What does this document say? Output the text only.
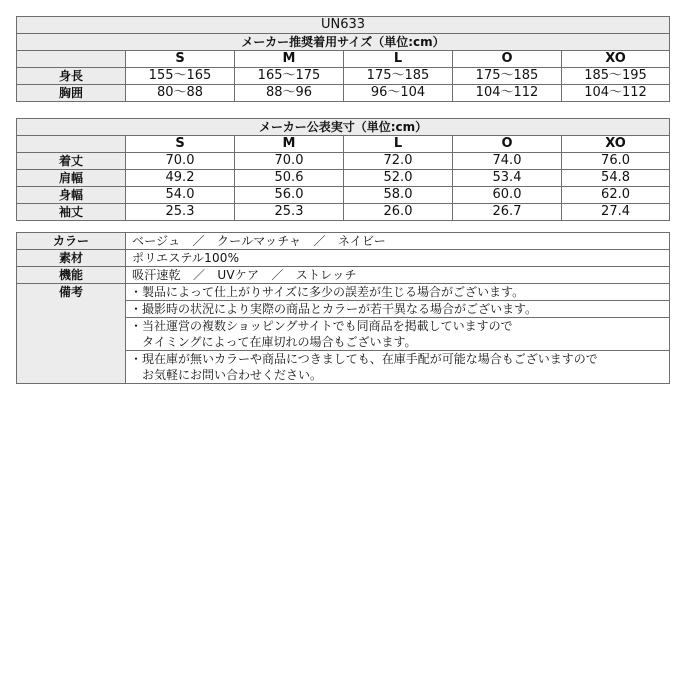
UN633					
メーカー推奨着用サイズ（単位:cm）					
	S	M	L	O	XO
身長	155〜165	165〜175	175〜185	175〜185	185〜195
胸囲	80〜88	88〜96	96〜104	104〜112	104〜112
メーカー公表実寸（単位:cm）					
	S	M	L	O	XO
着丈	70.0	70.0	72.0	74.0	76.0
肩幅	49.2	50.6	52.0	53.4	54.8
身幅	54.0	56.0	58.0	60.0	62.0
袖丈	25.3	25.3	26.0	26.7	27.4
カラー	ベージュ　／　クールマッチャ　／　ネイビー
素材	ポリエステル100%
機能	吸汗速乾　／　UVケア　／　ストレッチ
備考	・製品によって仕上がりサイズに多少の誤差が生じる場合がございます。

	・撮影時の状況により実際の商品とカラーが若干異なる場合がございます。

	・当社運営の複数ショッピングサイトでも同商品を掲載していますので
　タイミングによって在庫切れの場合もございます。

	・現在庫が無いカラーや商品につきましても、在庫手配が可能な場合もございますので
　お気軽にお問い合わせください。
